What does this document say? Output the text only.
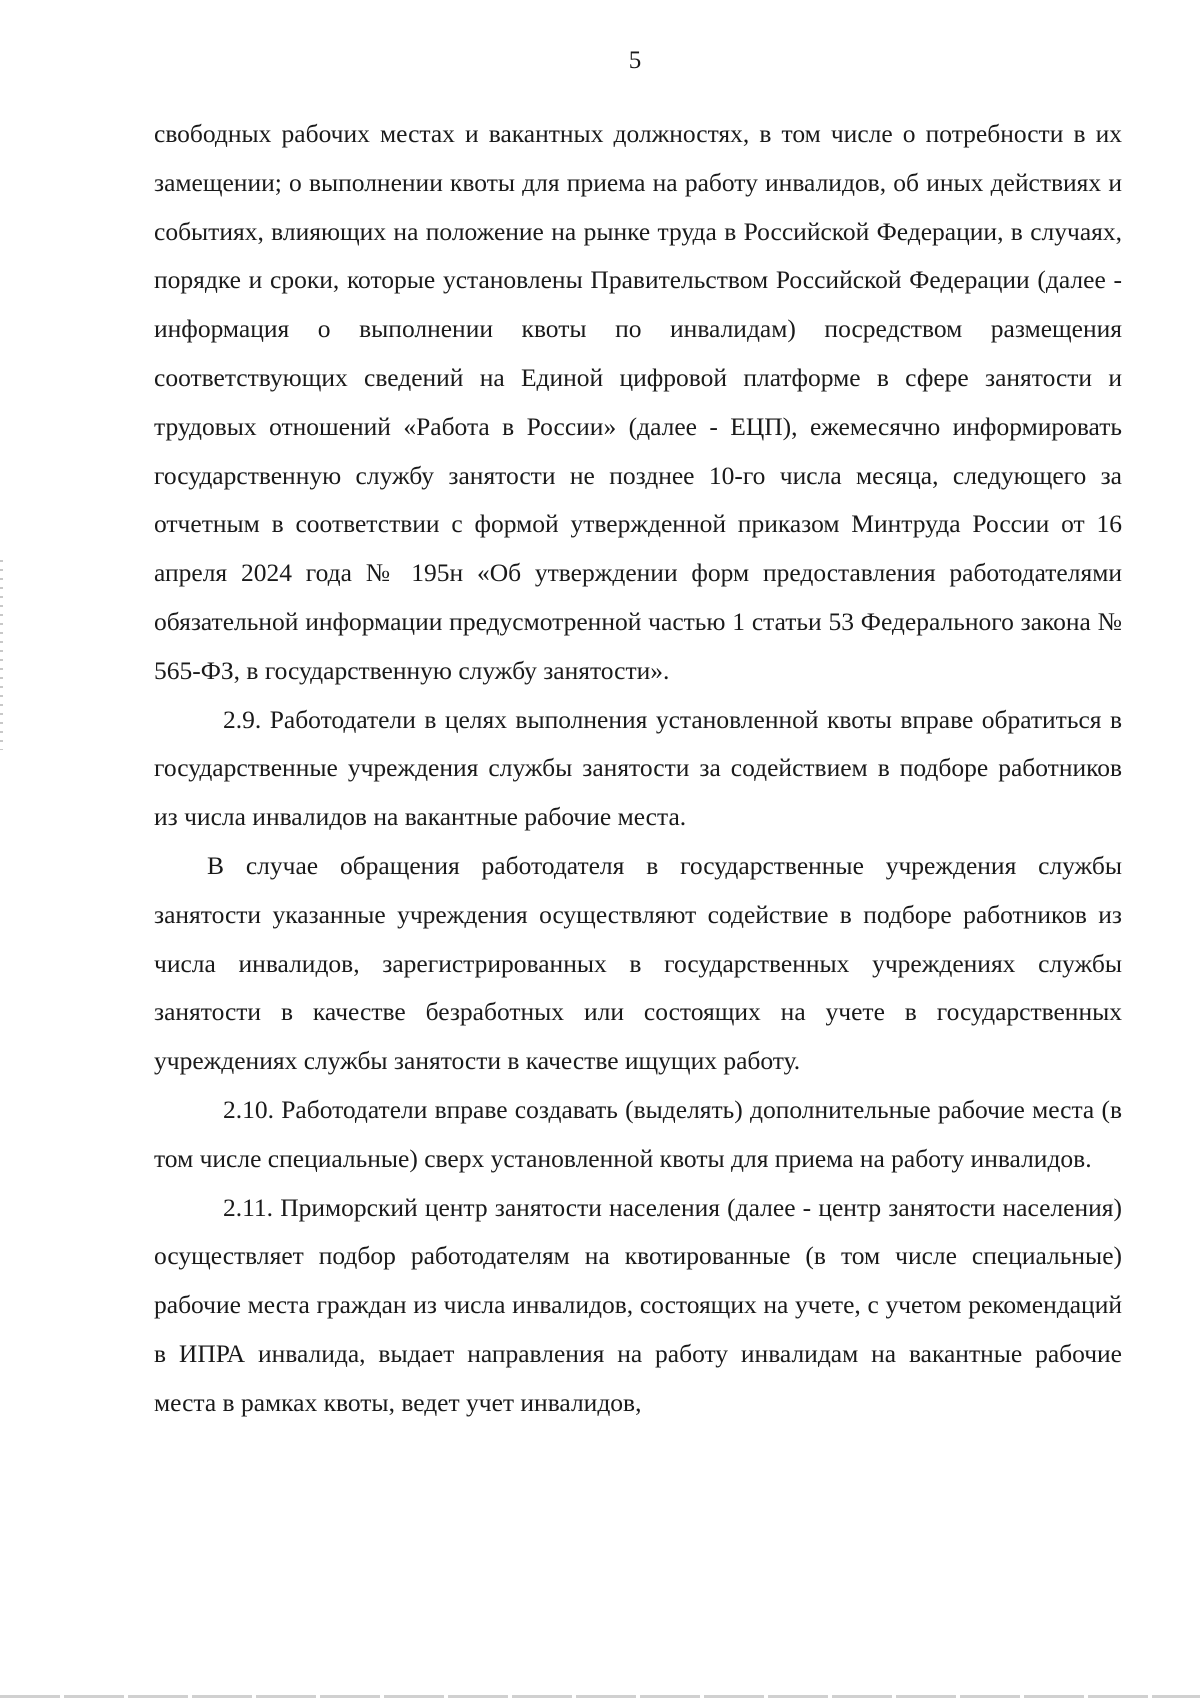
5

свободных рабочих местах и вакантных должностях, в том числе о потребности в их замещении; о выполнении квоты для приема на работу инвалидов, об иных действиях и событиях, влияющих на положение на рынке труда в Российской Федерации, в случаях, порядке и сроки, которые установлены Правительством Российской Федерации (далее - информация о выполнении квоты по инвалидам) посредством размещения соответствующих сведений на Единой цифровой платформе в сфере занятости и трудовых отношений «Работа в России» (далее - ЕЦП), ежемесячно информировать государственную службу занятости не позднее 10-го числа месяца, следующего за отчетным в соответствии с формой утвержденной приказом Минтруда России от 16 апреля 2024 года № 195н «Об утверждении форм предоставления работодателями обязательной информации предусмотренной частью 1 статьи 53 Федерального закона № 565-ФЗ, в государственную службу занятости».

2.9. Работодатели в целях выполнения установленной квоты вправе обратиться в государственные учреждения службы занятости за содействием в подборе работников из числа инвалидов на вакантные рабочие места.

В случае обращения работодателя в государственные учреждения службы занятости указанные учреждения осуществляют содействие в подборе работников из числа инвалидов, зарегистрированных в государственных учреждениях службы занятости в качестве безработных или состоящих на учете в государственных учреждениях службы занятости в качестве ищущих работу.

2.10. Работодатели вправе создавать (выделять) дополнительные рабочие места (в том числе специальные) сверх установленной квоты для приема на работу инвалидов.

2.11. Приморский центр занятости населения (далее - центр занятости населения) осуществляет подбор работодателям на квотированные (в том числе специальные) рабочие места граждан из числа инвалидов, состоящих на учете, с учетом рекомендаций в ИПРА инвалида, выдает направления на работу инвалидам на вакантные рабочие места в рамках квоты, ведет учет инвалидов,
